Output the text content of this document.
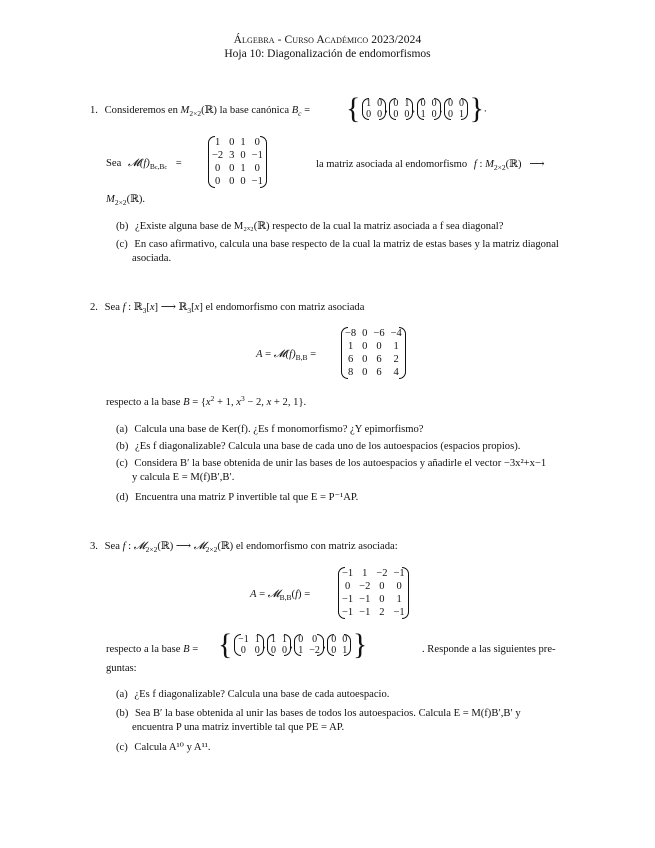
Álgebra - Curso Académico 2023/2024
Hoja 10: Diagonalización de endomorfismos
1. Consideremos en $M_{2\times 2}(ℝ)$ la base canónica $B_c$ = { 1	0
0	0
, 0	1
0	0
, 0	0
1	0
, 0	0
0	1 }.
Sea $𝓜(f)_{Bc,Bc}$ =
1	0	1	0
−2	3	0	−1
0	0	1	0
0	0	0	−1
la matriz asociada al endomorfismo f : $M_{2\times 2}(ℝ)$   ⟶
$M_{2\times 2}(ℝ)$.
(b) ¿Existe alguna base de M₂ₓ₂(ℝ) respecto de la cual la matriz asociada a f sea diagonal?
(c) En caso afirmativo, calcula una base respecto de la cual la matriz de estas bases y la matriz diagonal
asociada.
2. Sea f : ℝ$_3$[x] ⟶ ℝ$_3$[x] el endomorfismo con matriz asociada
$A = 𝓜(f)_{B,B}$ =
−8	0	−6	−4
1	0	0	1
6	0	6	2
8	0	6	4
respecto a la base $B = \{x^2 + 1$, $x^3 - 2$, x + 2, 1}.
(a) Calcula una base de Ker(f). ¿Es f monomorfismo? ¿Y epimorfismo?
(b) ¿Es f diagonalizable? Calcula una base de cada uno de los autoespacios (espacios propios).
(c) Considera B′ la base obtenida de unir las bases de los autoespacios y añadirle el vector −3x²+x−1
y calcula E = M(f)B′,B′.
(d) Encuentra una matriz P invertible tal que E = P⁻¹AP.
3. Sea f : 𝓜$_{2\times 2}$(ℝ) ⟶ 𝓜$_{2\times 2}$(ℝ) el endomorfismo con matriz asociada:
A = 𝓜$_{B,B}$(f) =
−1	1	−2	−1
0	−2	0	0
−1	−1	0	1
−1	−1	2	−1
respecto a la base B = { −1	1
0	0
, 1	1
0	0
, 0	0
1	−2
, 0	0
0	1 }	. Responde a las siguientes pre-
guntas:
(a) ¿Es f diagonalizable? Calcula una base de cada autoespacio.
(b) Sea B′ la base obtenida al unir las bases de todos los autoespacios. Calcula E = M(f)B′,B′ y
encuentra P una matriz invertible tal que PE = AP.
(c) Calcula A¹⁰ y A¹¹.
